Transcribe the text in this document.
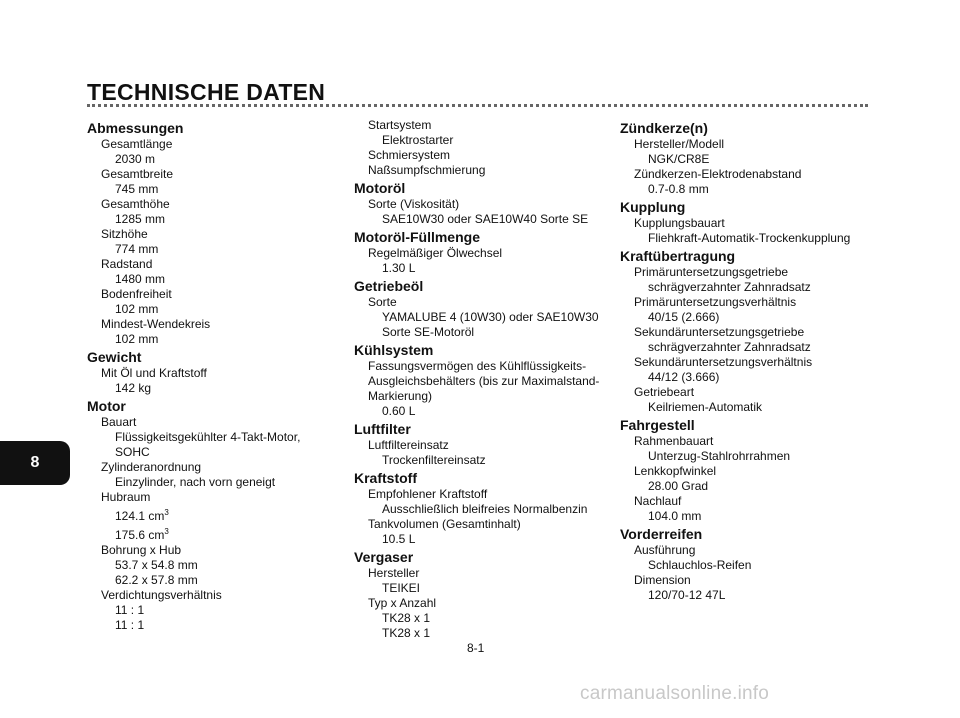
TECHNISCHE DATEN
8
Abmessungen
Gesamtlänge
2030 m
Gesamtbreite
745 mm
Gesamthöhe
1285 mm
Sitzhöhe
774 mm
Radstand
1480 mm
Bodenfreiheit
102 mm
Mindest-Wendekreis
102 mm
Gewicht
Mit Öl und Kraftstoff
142 kg
Motor
Bauart
Flüssigkeitsgekühlter 4-Takt-Motor,
SOHC
Zylinderanordnung
Einzylinder, nach vorn geneigt
Hubraum
124.1 $cm^3$
175.6 $cm^3$
Bohrung x Hub
53.7 x 54.8 mm
62.2 x 57.8 mm
Verdichtungsverhältnis
11 : 1
11 : 1
Startsystem
Elektrostarter
Schmiersystem
Naßsumpfschmierung
Motoröl
Sorte (Viskosität)
SAE10W30 oder SAE10W40 Sorte SE
Motoröl-Füllmenge
Regelmäßiger Ölwechsel
1.30 L
Getriebeöl
Sorte
YAMALUBE 4 (10W30) oder SAE10W30
Sorte SE-Motoröl
Kühlsystem
Fassungsvermögen des Kühlflüssigkeits-
Ausgleichsbehälters (bis zur Maximalstand-
Markierung)
0.60 L
Luftfilter
Luftfiltereinsatz
Trockenfiltereinsatz
Kraftstoff
Empfohlener Kraftstoff
Ausschließlich bleifreies Normalbenzin
Tankvolumen (Gesamtinhalt)
10.5 L
Vergaser
Hersteller
TEIKEI
Typ x Anzahl
TK28 x 1
TK28 x 1
Zündkerze(n)
Hersteller/Modell
NGK/CR8E
Zündkerzen-Elektrodenabstand
0.7-0.8 mm
Kupplung
Kupplungsbauart
Fliehkraft-Automatik-Trockenkupplung
Kraftübertragung
Primäruntersetzungsgetriebe
schrägverzahnter Zahnradsatz
Primäruntersetzungsverhältnis
40/15 (2.666)
Sekundäruntersetzungsgetriebe
schrägverzahnter Zahnradsatz
Sekundäruntersetzungsverhältnis
44/12 (3.666)
Getriebeart
Keilriemen-Automatik
Fahrgestell
Rahmenbauart
Unterzug-Stahlrohrrahmen
Lenkkopfwinkel
28.00 Grad
Nachlauf
104.0 mm
Vorderreifen
Ausführung
Schlauchlos-Reifen
Dimension
120/70-12 47L
8-1
carmanualsonline.info
